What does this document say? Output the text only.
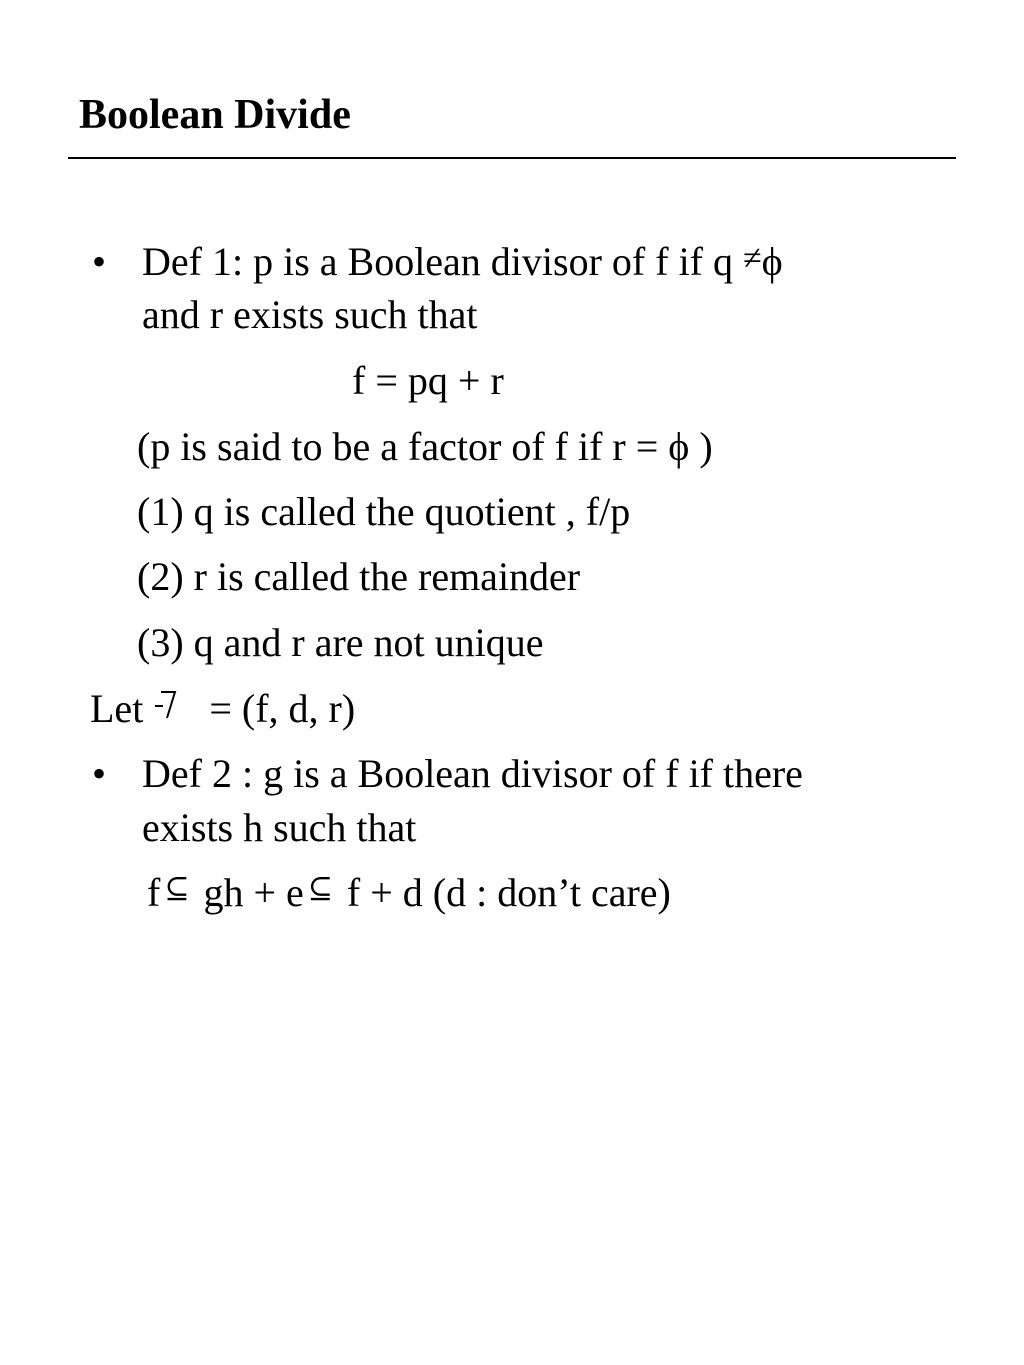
Boolean Divide
• Def 1: p is a Boolean divisor of f if q ≠ϕ
and r exists such that
f = pq + r
(p is said to be a factor of f if r = ϕ )
(1) q is called the quotient , f/p
(2) r is called the remainder
(3) q and r are not unique
Let = (f, d, r)
• Def 2 : g is a Boolean divisor of f if there
exists h such that
f ⊆ gh + e ⊆ f + d (d : don’t care)
